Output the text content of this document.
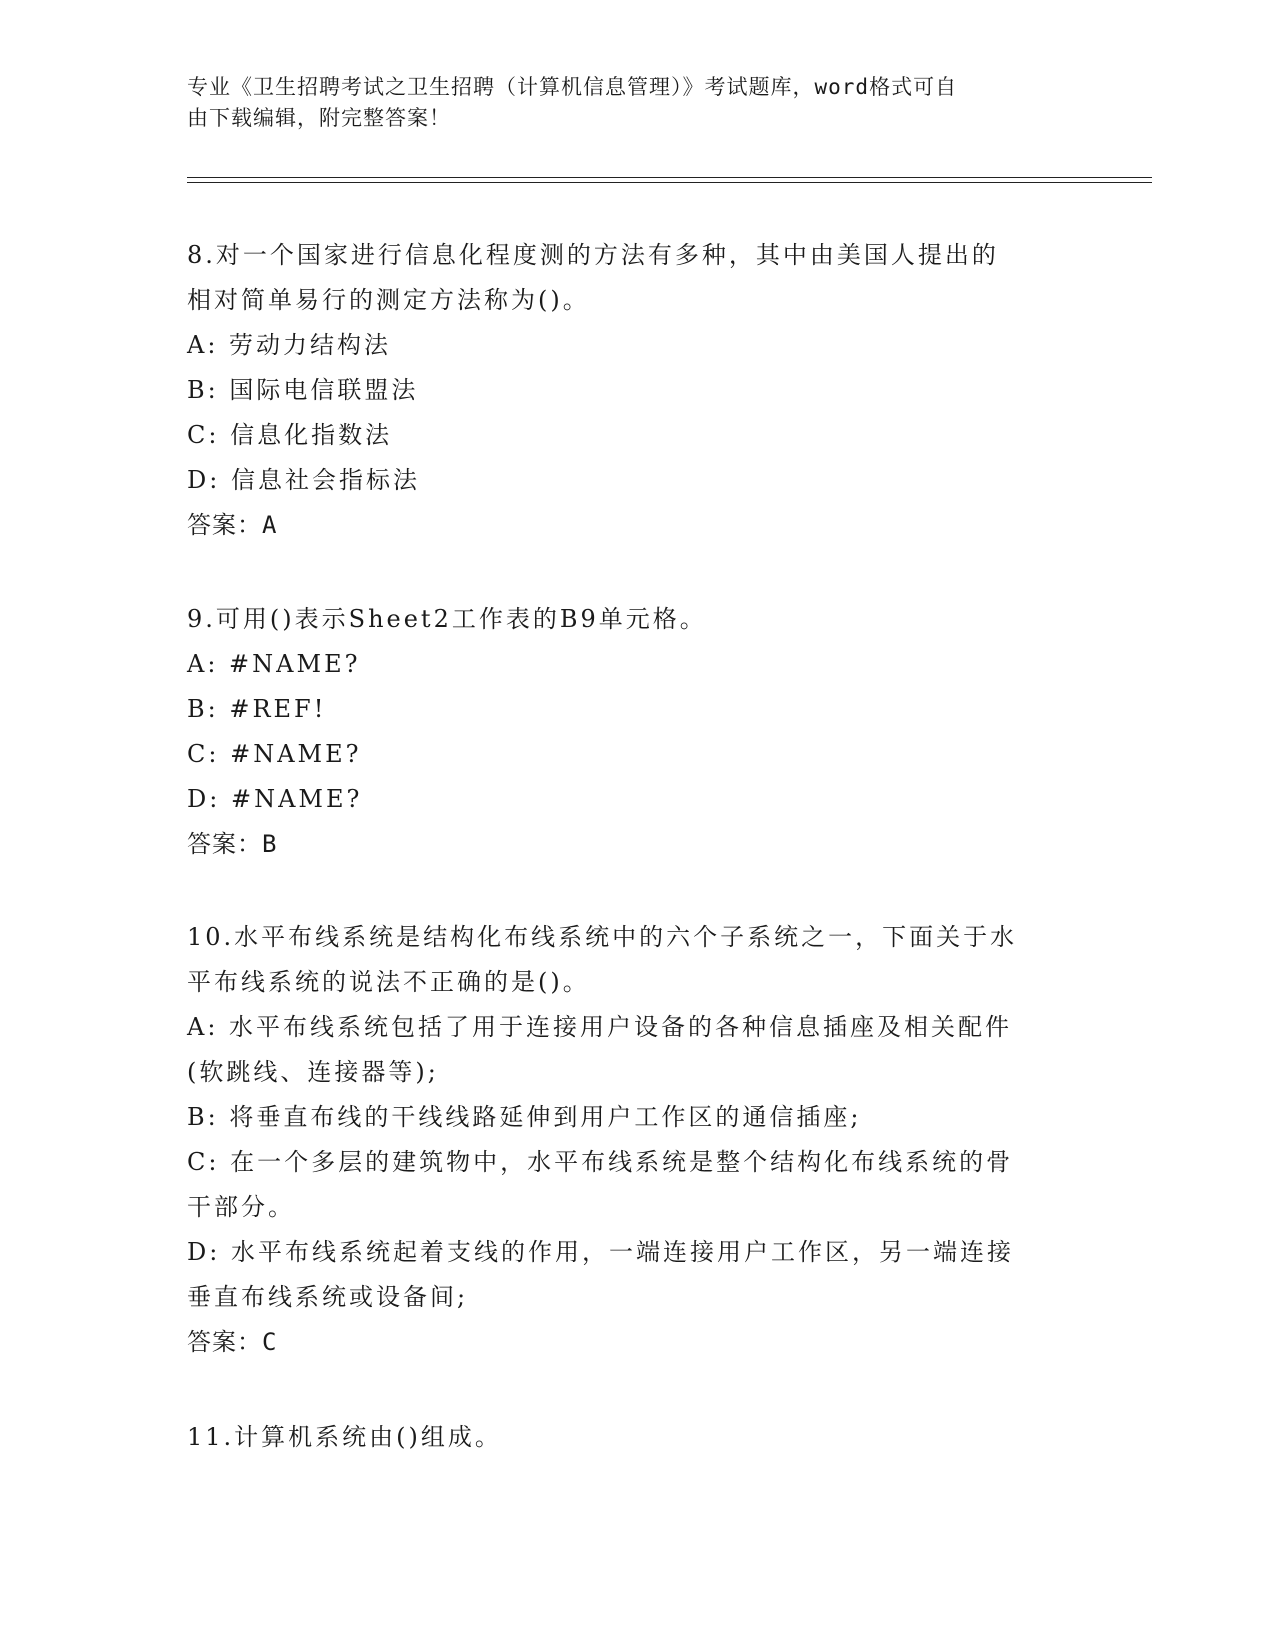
专业《卫生招聘考试之卫生招聘（计算机信息管理）》考试题库，word格式可自
由下载编辑，附完整答案！
8.对一个国家进行信息化程度测的方法有多种，其中由美国人提出的
相对简单易行的测定方法称为()。
A: 劳动力结构法
B: 国际电信联盟法
C: 信息化指数法
D: 信息社会指标法
答案：A
9.可用()表示Sheet2工作表的B9单元格。
A: #NAME?
B: #REF!
C: #NAME?
D: #NAME?
答案：B
10.水平布线系统是结构化布线系统中的六个子系统之一，下面关于水
平布线系统的说法不正确的是()。
A: 水平布线系统包括了用于连接用户设备的各种信息插座及相关配件
(软跳线、连接器等);
B: 将垂直布线的干线线路延伸到用户工作区的通信插座;
C: 在一个多层的建筑物中，水平布线系统是整个结构化布线系统的骨
干部分。
D: 水平布线系统起着支线的作用，一端连接用户工作区，另一端连接
垂直布线系统或设备间;
答案：C
11.计算机系统由()组成。
